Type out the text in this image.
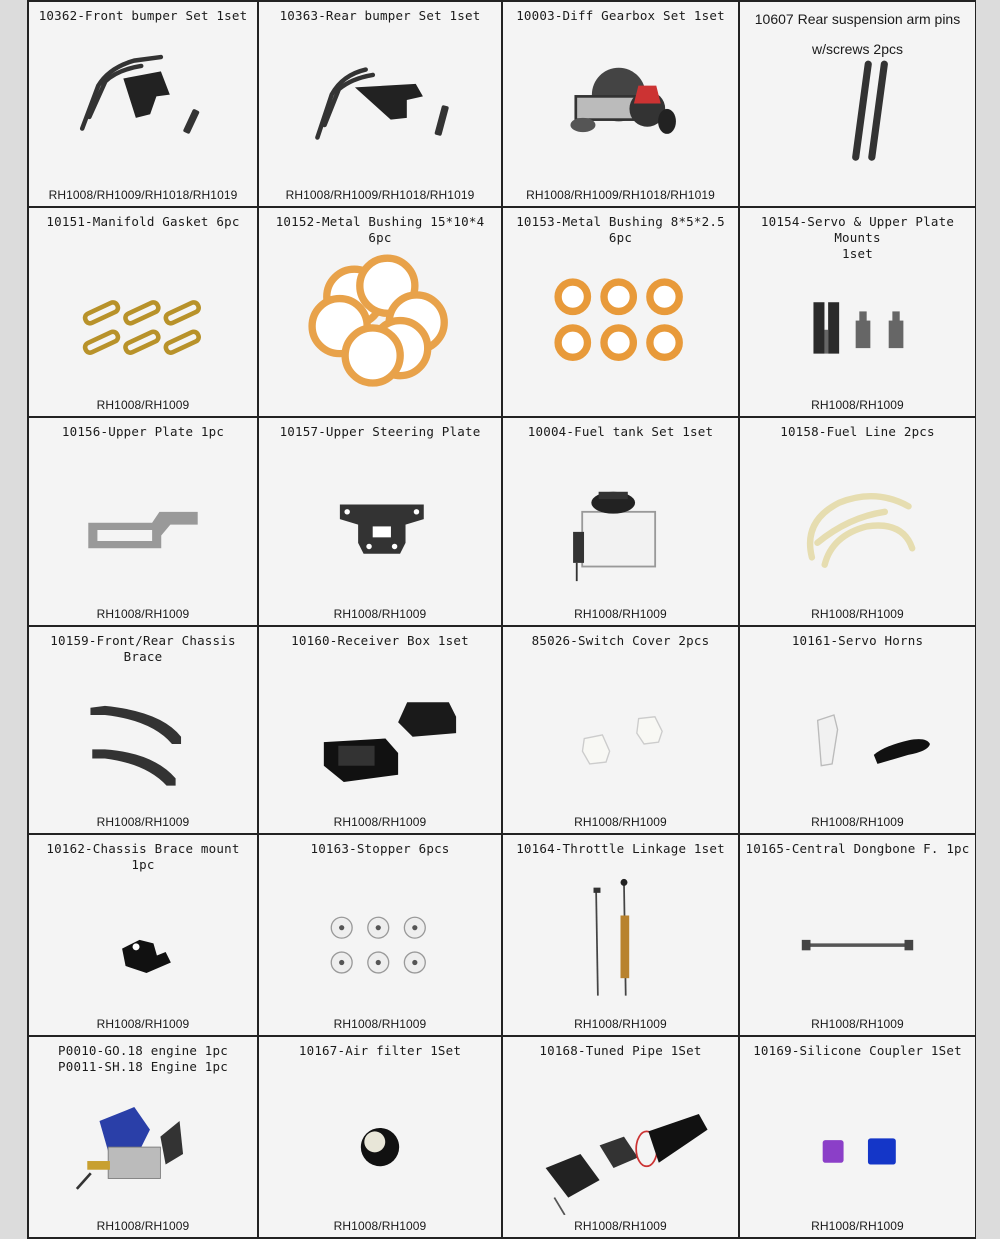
10362-Front bumper Set 1set
RH1008/RH1009/RH1018/RH1019
10363-Rear bumper Set 1set
RH1008/RH1009/RH1018/RH1019
10003-Diff Gearbox Set 1set
RH1008/RH1009/RH1018/RH1019
10607 Rear suspension arm pins
w/screws 2pcs
10151-Manifold Gasket 6pc
RH1008/RH1009
10152-Metal Bushing 15*10*4 6pc
10153-Metal Bushing 8*5*2.5 6pc
10154-Servo & Upper Plate Mounts
1set
RH1008/RH1009
10156-Upper Plate 1pc
RH1008/RH1009
10157-Upper Steering Plate
RH1008/RH1009
10004-Fuel tank Set 1set
RH1008/RH1009
10158-Fuel Line 2pcs
RH1008/RH1009
10159-Front/Rear Chassis Brace
RH1008/RH1009
10160-Receiver Box 1set
RH1008/RH1009
85026-Switch Cover 2pcs
RH1008/RH1009
10161-Servo Horns
RH1008/RH1009
10162-Chassis Brace mount 1pc
RH1008/RH1009
10163-Stopper 6pcs
RH1008/RH1009
10164-Throttle Linkage 1set
RH1008/RH1009
10165-Central Dongbone F. 1pc
RH1008/RH1009
P0010-GO.18 engine 1pc
P0011-SH.18 Engine 1pc
RH1008/RH1009
10167-Air filter 1Set
RH1008/RH1009
10168-Tuned Pipe 1Set
RH1008/RH1009
10169-Silicone Coupler 1Set
RH1008/RH1009
